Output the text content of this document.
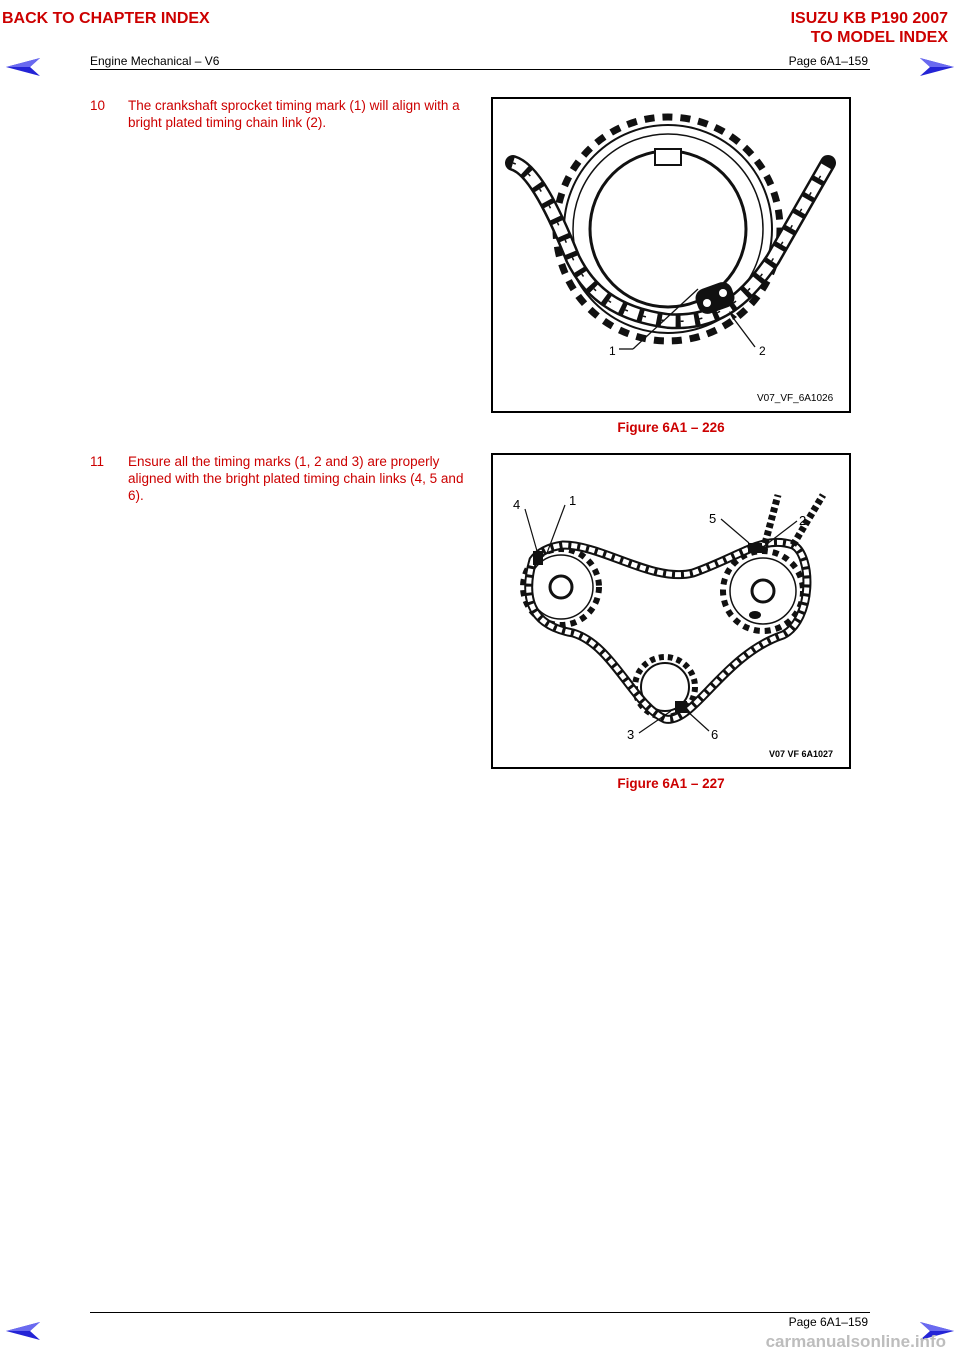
BACK TO CHAPTER INDEX	ISUZU KB P190 2007
TO MODEL INDEX
Engine Mechanical – V6	Page 6A1–159
10 The crankshaft sprocket timing mark (1) will align with a bright plated timing chain link (2).
1	2
V07_VF_6A1026
Figure 6A1 – 226
11 Ensure all the timing marks (1, 2 and 3) are properly aligned with the bright plated timing chain links (4, 5 and 6).
4	1
5	2
3	6
V07 VF 6A1027
Figure 6A1 – 227
Page 6A1–159
carmanualsonline.info
